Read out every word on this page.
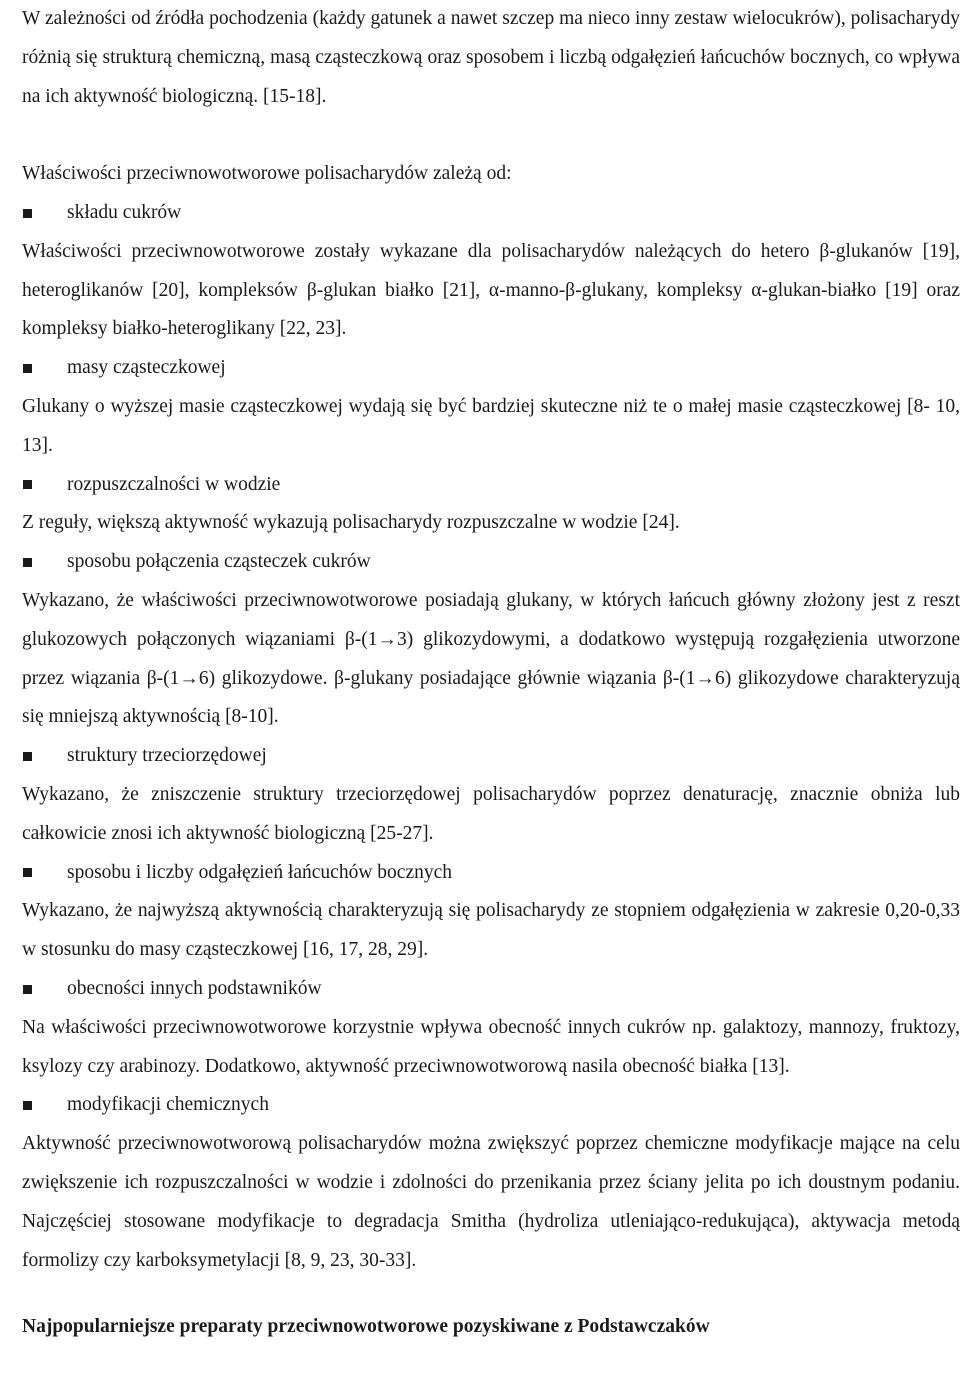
W zależności od źródła pochodzenia (każdy gatunek a nawet szczep ma nieco inny zestaw wielocukrów), polisacharydy różnią się strukturą chemiczną, masą cząsteczkową oraz sposobem i liczbą odgałęzień łańcuchów bocznych, co wpływa na ich aktywność biologiczną. [15-18].

Właściwości przeciwnowotworowe polisacharydów zależą od:

składu cukrów

Właściwości przeciwnowotworowe zostały wykazane dla polisacharydów należących do hetero β-glukanów [19], heteroglikanów [20], kompleksów β-glukan białko [21], α-manno-β-glukany, kompleksy α-glukan-białko [19] oraz kompleksy białko-heteroglikany [22, 23].

masy cząsteczkowej

Glukany o wyższej masie cząsteczkowej wydają się być bardziej skuteczne niż te o małej masie cząsteczkowej [8- 10, 13].

rozpuszczalności w wodzie

Z reguły, większą aktywność wykazują polisacharydy rozpuszczalne w wodzie [24].

sposobu połączenia cząsteczek cukrów

Wykazano, że właściwości przeciwnowotworowe posiadają glukany, w których łańcuch główny złożony jest z reszt glukozowych połączonych wiązaniami β-(1→3) glikozydowymi, a dodatkowo występują rozgałęzienia utworzone przez wiązania β-(1→6) glikozydowe. β-glukany posiadające głównie wiązania β-(1→6) glikozydowe charakteryzują się mniejszą aktywnością [8-10].

struktury trzeciorzędowej

Wykazano, że zniszczenie struktury trzeciorzędowej polisacharydów poprzez denaturację, znacznie obniża lub całkowicie znosi ich aktywność biologiczną [25-27].

sposobu i liczby odgałęzień łańcuchów bocznych

Wykazano, że najwyższą aktywnością charakteryzują się polisacharydy ze stopniem odgałęzienia w zakresie 0,20-0,33 w stosunku do masy cząsteczkowej [16, 17, 28, 29].

obecności innych podstawników

Na właściwości przeciwnowotworowe korzystnie wpływa obecność innych cukrów np. galaktozy, mannozy, fruktozy, ksylozy czy arabinozy. Dodatkowo, aktywność przeciwnowotworową nasila obecność białka [13].

modyfikacji chemicznych

Aktywność przeciwnowotworową polisacharydów można zwiększyć poprzez chemiczne modyfikacje mające na celu zwiększenie ich rozpuszczalności w wodzie i zdolności do przenikania przez ściany jelita po ich doustnym podaniu. Najczęściej stosowane modyfikacje to degradacja Smitha (hydroliza utleniająco-redukująca), aktywacja metodą formolizy czy karboksymetylacji [8, 9, 23, 30-33].

Najpopularniejsze preparaty przeciwnowotworowe pozyskiwane z Podstawczaków
